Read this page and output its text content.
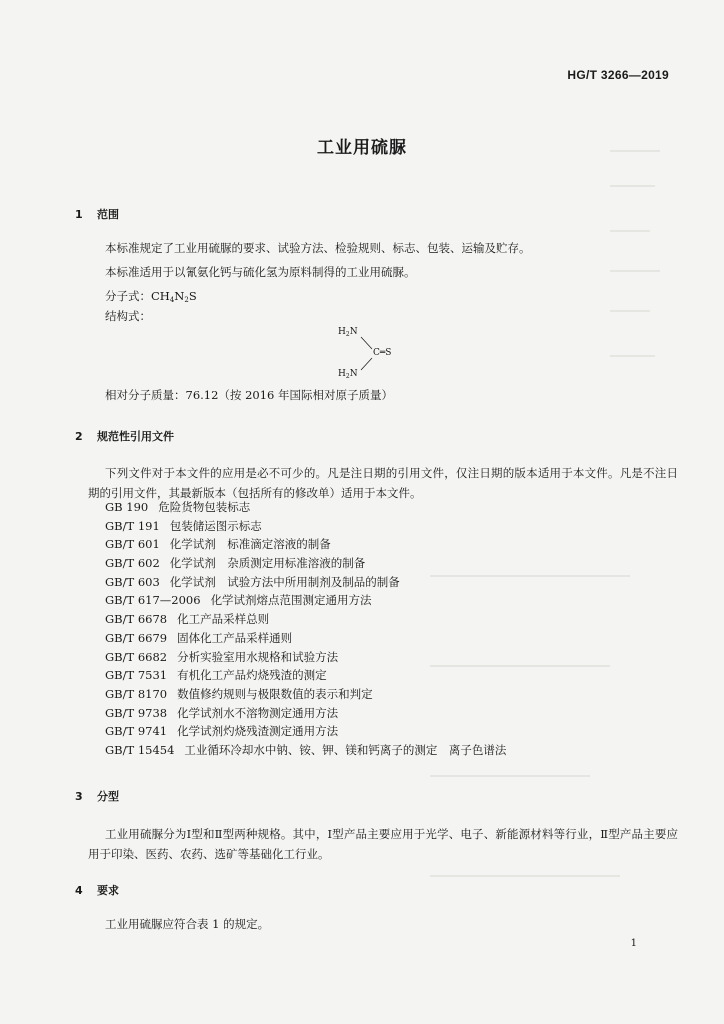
HG/T 3266—2019
工业用硫脲
1 范围
本标准规定了工业用硫脲的要求、试验方法、检验规则、标志、包装、运输及贮存。
本标准适用于以氰氨化钙与硫化氢为原料制得的工业用硫脲。
分子式：$CH_4N_2S$
结构式：
$H_2N$
C═S
$H_2N$
相对分子质量：76.12（按 2016 年国际相对原子质量）
2 规范性引用文件
下列文件对于本文件的应用是必不可少的。凡是注日期的引用文件，仅注日期的版本适用于本文件。凡是不注日期的引用文件，其最新版本（包括所有的修改单）适用于本文件。
GB 190 危险货物包装标志
GB/T 191 包装储运图示标志
GB/T 601 化学试剂　标准滴定溶液的制备
GB/T 602 化学试剂　杂质测定用标准溶液的制备
GB/T 603 化学试剂　试验方法中所用制剂及制品的制备
GB/T 617—2006 化学试剂熔点范围测定通用方法
GB/T 6678 化工产品采样总则
GB/T 6679 固体化工产品采样通则
GB/T 6682 分析实验室用水规格和试验方法
GB/T 7531 有机化工产品灼烧残渣的测定
GB/T 8170 数值修约规则与极限数值的表示和判定
GB/T 9738 化学试剂水不溶物测定通用方法
GB/T 9741 化学试剂灼烧残渣测定通用方法
GB/T 15454 工业循环冷却水中钠、铵、钾、镁和钙离子的测定　离子色谱法
3 分型
工业用硫脲分为Ⅰ型和Ⅱ型两种规格。其中，Ⅰ型产品主要应用于光学、电子、新能源材料等行业，Ⅱ型产品主要应用于印染、医药、农药、选矿等基础化工行业。
4 要求
工业用硫脲应符合表 1 的规定。
1
